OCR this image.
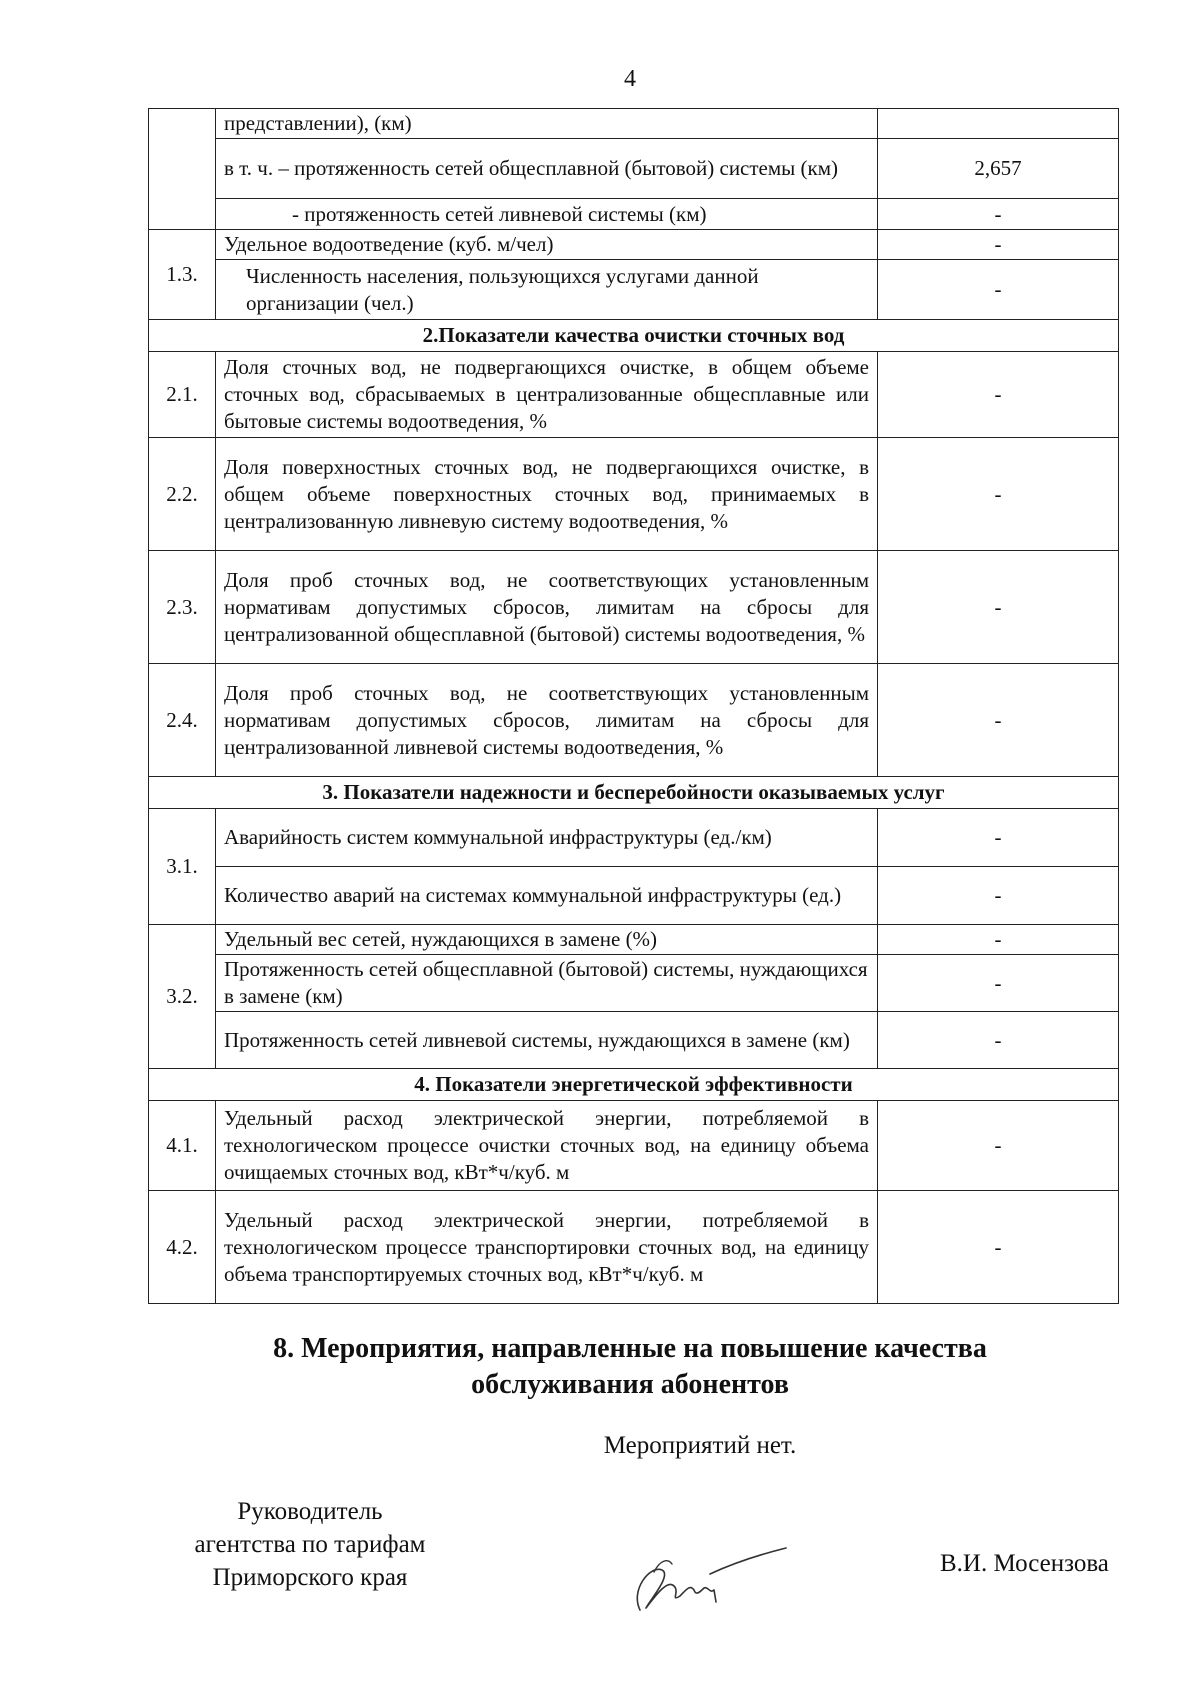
4
	представлении), (км)	
	в т. ч. – протяженность сетей общесплавной (бытовой) системы (км)	2,657
	- протяженность сетей ливневой системы (км)	-
1.3.	Удельное водоотведение (куб. м/чел)	-
	Численность населения, пользующихся услугами данной организации (чел.)	-
2.Показатели качества очистки сточных вод		
2.1.	Доля сточных вод, не подвергающихся очистке, в общем объеме сточных вод, сбрасываемых в централизованные общесплавные или бытовые системы водоотведения, %	-
2.2.	Доля поверхностных сточных вод, не подвергающихся очистке, в общем объеме поверхностных сточных вод, принимаемых в централизованную ливневую систему водоотведения, %	-
2.3.	Доля проб сточных вод, не соответствующих установленным нормативам допустимых сбросов, лимитам на сбросы для централизованной общесплавной (бытовой) системы водоотведения, %	-
2.4.	Доля проб сточных вод, не соответствующих установленным нормативам допустимых сбросов, лимитам на сбросы для централизованной ливневой системы водоотведения, %	-
3. Показатели надежности и бесперебойности оказываемых услуг		
3.1.	Аварийность систем коммунальной инфраструктуры (ед./км)	-
	Количество аварий на системах коммунальной инфраструктуры (ед.)	-
3.2.	Удельный вес сетей, нуждающихся в замене (%)	-
	Протяженность сетей общесплавной (бытовой) системы, нуждающихся в замене (км)	-
	Протяженность сетей ливневой системы, нуждающихся в замене (км)	-
4. Показатели энергетической эффективности		
4.1.	Удельный расход электрической энергии, потребляемой в технологическом процессе очистки сточных вод, на единицу объема очищаемых сточных вод, кВт*ч/куб. м	-
4.2.	Удельный расход электрической энергии, потребляемой в технологическом процессе транспортировки сточных вод, на единицу объема транспортируемых сточных вод, кВт*ч/куб. м	-
8. Мероприятия, направленные на повышение качества
обслуживания абонентов
Мероприятий нет.
Руководитель
агентства по тарифам
Приморского края
В.И. Мосензова
